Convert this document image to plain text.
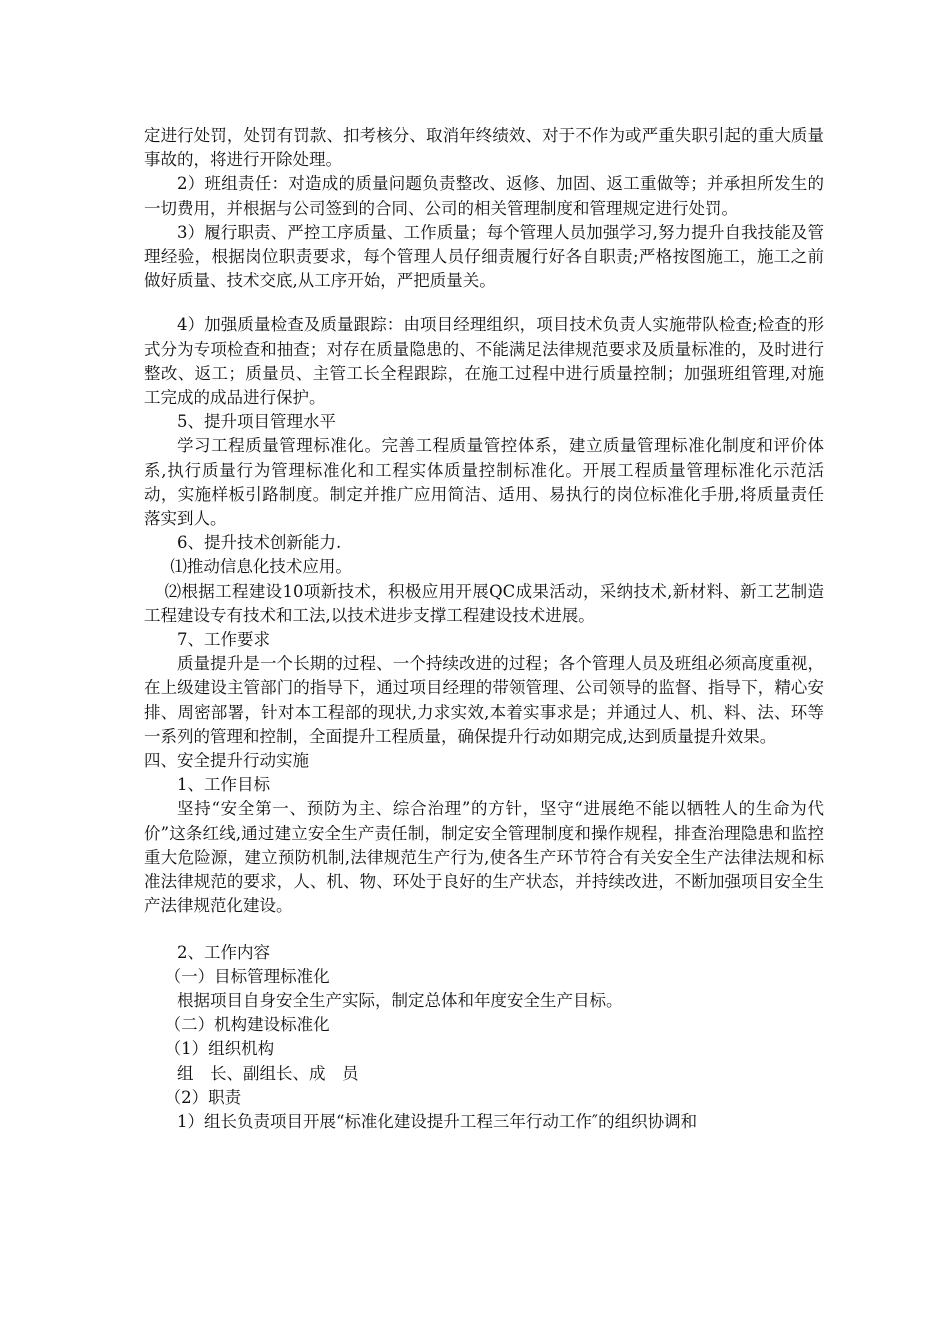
定进行处罚，处罚有罚款、扣考核分、取消年终绩效、对于不作为或严重失职引起的重大质量事故的，将进行开除处理。

2）班组责任：对造成的质量问题负责整改、返修、加固、返工重做等；并承担所发生的一切费用，并根据与公司签到的合同、公司的相关管理制度和管理规定进行处罚。

3）履行职责、严控工序质量、工作质量；每个管理人员加强学习,努力提升自我技能及管理经验，根据岗位职责要求，每个管理人员仔细责履行好各自职责;严格按图施工，施工之前做好质量、技术交底,从工序开始，严把质量关。

4）加强质量检查及质量跟踪：由项目经理组织，项目技术负责人实施带队检查;检查的形式分为专项检查和抽查；对存在质量隐患的、不能满足法律规范要求及质量标准的，及时进行整改、返工；质量员、主管工长全程跟踪，在施工过程中进行质量控制；加强班组管理,对施工完成的成品进行保护。

5、提升项目管理水平

学习工程质量管理标准化。完善工程质量管控体系，建立质量管理标准化制度和评价体系,执行质量行为管理标准化和工程实体质量控制标准化。开展工程质量管理标准化示范活动，实施样板引路制度。制定并推广应用简洁、适用、易执行的岗位标准化手册,将质量责任落实到人。

6、提升技术创新能力.

⑴推动信息化技术应用。

⑵根据工程建设10项新技术，积极应用开展QC成果活动，采纳技术,新材料、新工艺制造工程建设专有技术和工法,以技术进步支撑工程建设技术进展。

7、工作要求

质量提升是一个长期的过程、一个持续改进的过程；各个管理人员及班组必须高度重视，在上级建设主管部门的指导下，通过项目经理的带领管理、公司领导的监督、指导下，精心安排、周密部署，针对本工程部的现状,力求实效,本着实事求是；并通过人、机、料、法、环等一系列的管理和控制，全面提升工程质量，确保提升行动如期完成,达到质量提升效果。

四、安全提升行动实施

1、工作目标

坚持“安全第一、预防为主、综合治理”的方针，坚守“进展绝不能以牺牲人的生命为代价”这条红线,通过建立安全生产责任制，制定安全管理制度和操作规程，排查治理隐患和监控重大危险源，建立预防机制,法律规范生产行为,使各生产环节符合有关安全生产法律法规和标准法律规范的要求，人、机、物、环处于良好的生产状态，并持续改进，不断加强项目安全生产法律规范化建设。

2、工作内容

（一）目标管理标准化

根据项目自身安全生产实际，制定总体和年度安全生产目标。

（二）机构建设标准化

（1）组织机构

组　长、副组长、成　员

（2）职责

1）组长负责项目开展“标准化建设提升工程三年行动工作″的组织协调和
